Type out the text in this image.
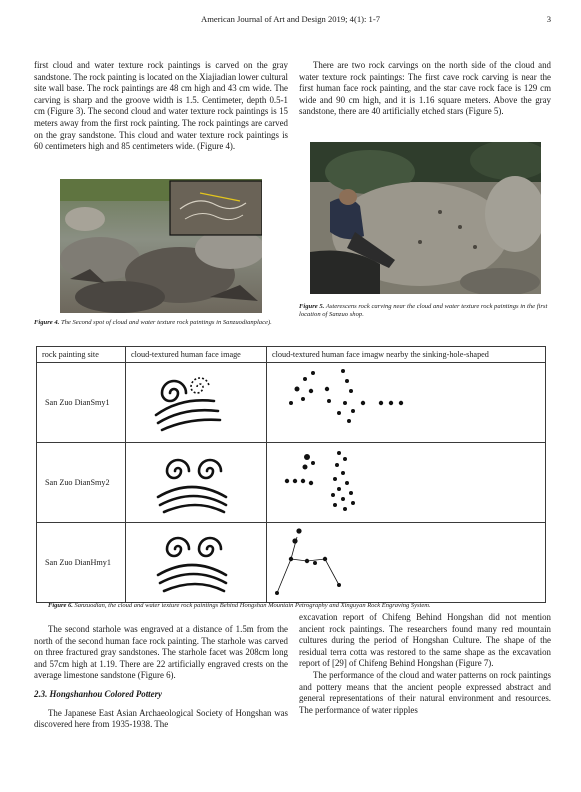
American Journal of Art and Design 2019; 4(1): 1-7	3

first cloud and water texture rock paintings is carved on the gray sandstone. The rock painting is located on the Xiajiadian lower cultural site wall base. The rock paintings are 48 cm high and 43 cm wide. The carving is sharp and the groove width is 1.5. Centimeter, depth 0.5-1 cm (Figure 3). The second cloud and water texture rock paintings is 15 meters away from the first rock painting. The rock paintings are carved on the gray sandstone. This cloud and water texture rock paintings is 60 centimeters high and 85 centimeters wide. (Figure 4).

There are two rock carvings on the north side of the cloud and water texture rock paintings: The first cave rock carving is near the first human face rock painting, and the star cave rock face is 129 cm wide and 90 cm high, and it is 1.16 square meters. Above the gray sandstone, there are 40 artificially etched stars (Figure 5).

Figure 4. The Second spot of cloud and water texture rock paintings in Sanzuodianplace).
Figure 5. Asterescens rock carving near the cloud and water texture rock paintings in the first location of Sanzuo shop.
rock painting site	cloud-textured human face image	cloud-textured human face imagw nearby the sinking-hole-shaped
San Zuo DianSmy1		
San Zuo DianSmy2		
San Zuo DianHmy1		
Figure 6. Sanzuodian, the cloud and water texture rock paintings Behind Hongshan Mountain Petrography and Xinguyan Rock Engraving System.

The second starhole was engraved at a distance of 1.5m from the north of the second human face rock painting. The starhole was carved on three fractured gray sandstones. The starhole facet was 208cm long and 57cm high at 1.19. There are 22 artificially engraved crests on the average limestone sandstone (Figure 6).

2.3. Hongshanhou Colored Pottery

The Japanese East Asian Archaeological Society of Hongshan was discovered here from 1935-1938. The

excavation report of Chifeng Behind Hongshan did not mention ancient rock paintings. The researchers found many red mountain cultures during the period of Hongshan Culture. The shape of the residual terra cotta was restored to the same shape as the excavation report of [29] of Chifeng Behind Hongshan (Figure 7).

The performance of the cloud and water patterns on rock paintings and pottery means that the ancient people expressed abstract and general representations of their natural environment and resources. The performance of water ripples
